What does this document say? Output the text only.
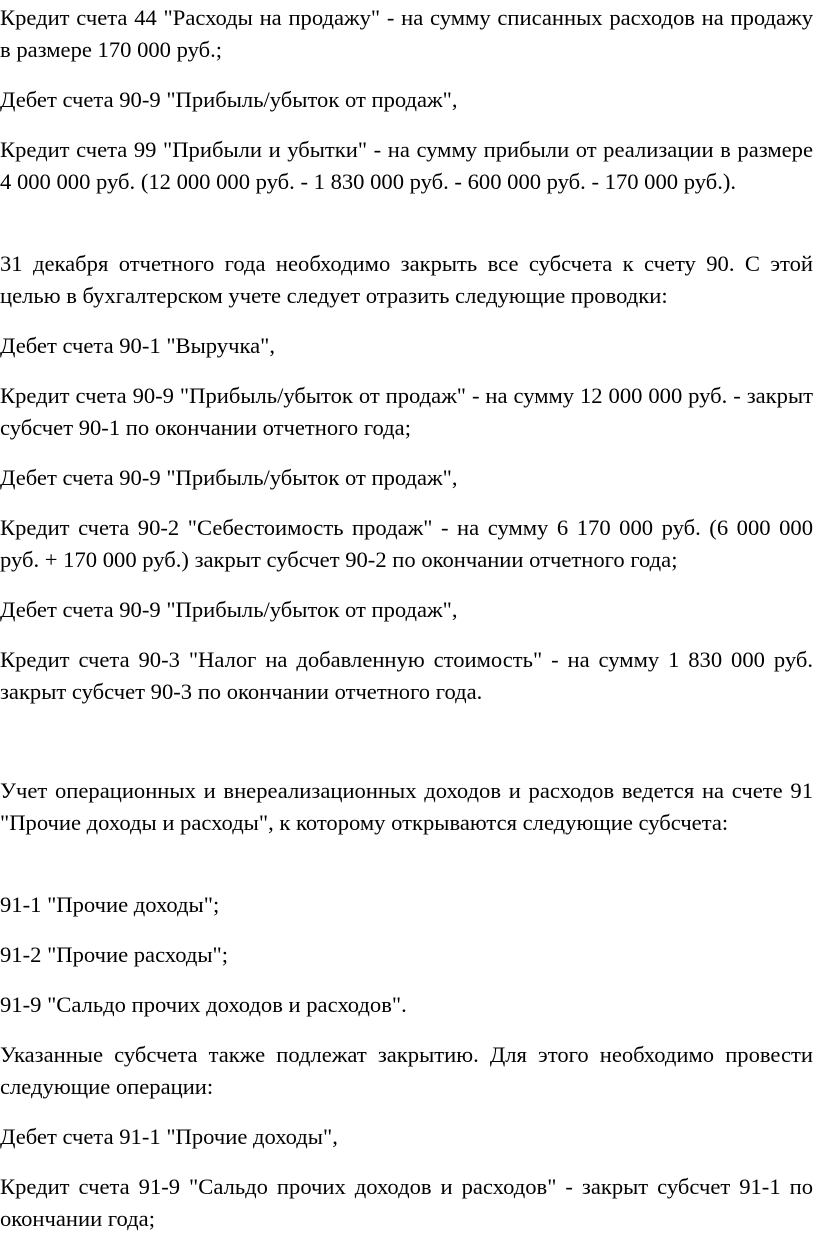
Кредит счета 44 "Расходы на продажу" - на сумму списанных расходов на продажу в размере 170 000 руб.;

Дебет счета 90-9 "Прибыль/убыток от продаж",

Кредит счета 99 "Прибыли и убытки" - на сумму прибыли от реализации в размере 4 000 000 руб. (12 000 000 руб. - 1 830 000 руб. - 600 000 руб. - 170 000 руб.).

31 декабря отчетного года необходимо закрыть все субсчета к счету 90. С этой целью в бухгалтерском учете следует отразить следующие проводки:

Дебет счета 90-1 "Выручка",

Кредит счета 90-9 "Прибыль/убыток от продаж" - на сумму 12 000 000 руб. - закрыт субсчет 90-1 по окончании отчетного года;

Дебет счета 90-9 "Прибыль/убыток от продаж",

Кредит счета 90-2 "Себестоимость продаж" - на сумму 6 170 000 руб. (6 000 000 руб. + 170 000 руб.) закрыт субсчет 90-2 по окончании отчетного года;

Дебет счета 90-9 "Прибыль/убыток от продаж",

Кредит счета 90-3 "Налог на добавленную стоимость" - на сумму 1 830 000 руб. закрыт субсчет 90-3 по окончании отчетного года.

Учет операционных и внереализационных доходов и расходов ведется на счете 91 "Прочие доходы и расходы", к которому открываются следующие субсчета:

91-1 "Прочие доходы";

91-2 "Прочие расходы";

91-9 "Сальдо прочих доходов и расходов".

Указанные субсчета также подлежат закрытию. Для этого необходимо провести следующие операции:

Дебет счета 91-1 "Прочие доходы",

Кредит счета 91-9 "Сальдо прочих доходов и расходов" - закрыт субсчет 91-1 по окончании года;
